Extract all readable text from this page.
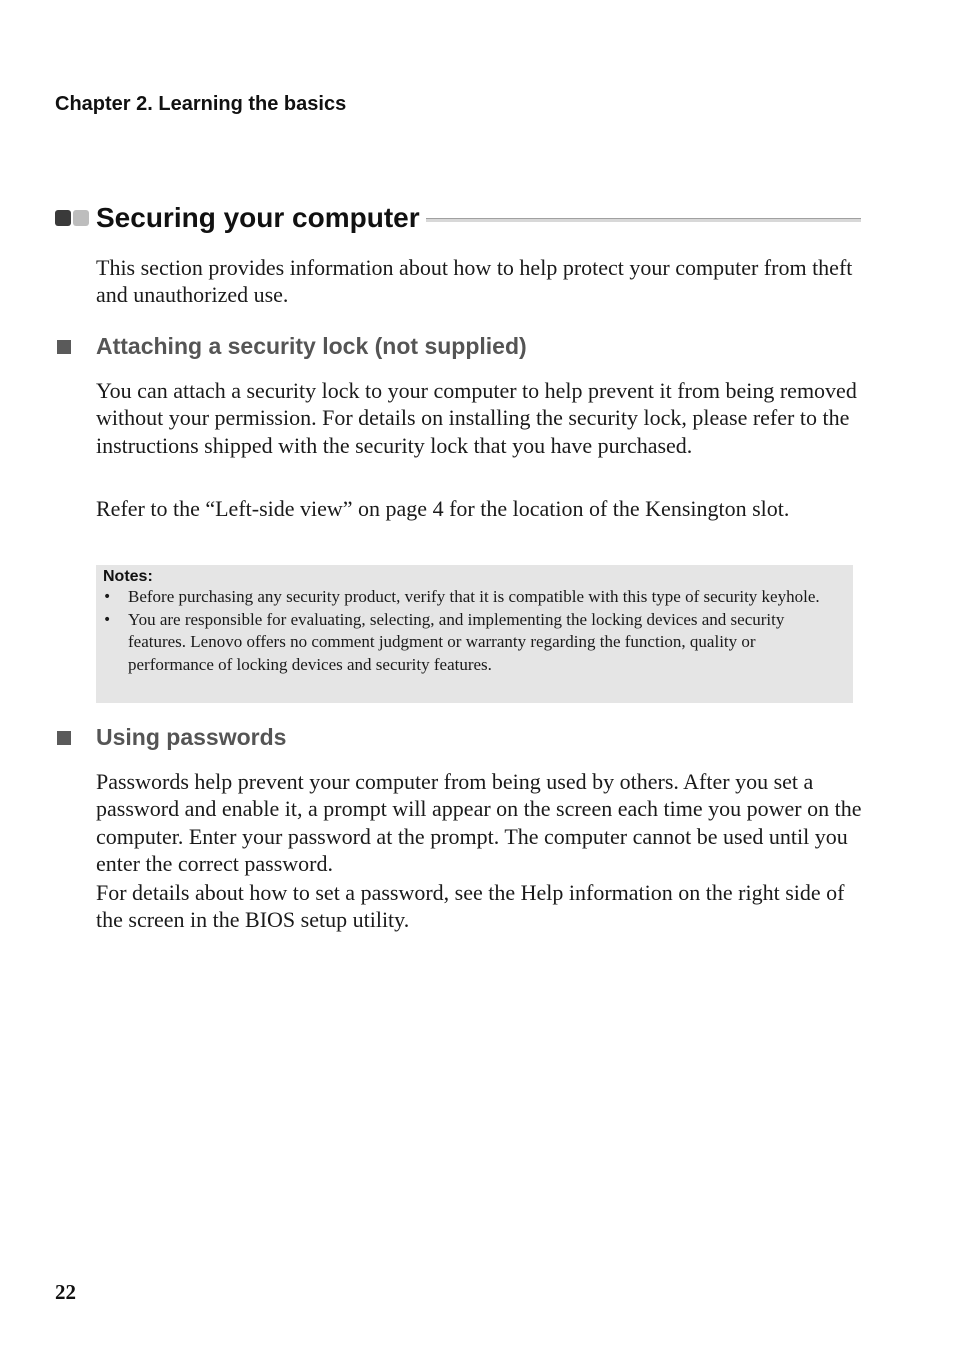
Chapter 2. Learning the basics
Securing your computer

This section provides information about how to help protect your computer from theft and unauthorized use.

Attaching a security lock (not supplied)

You can attach a security lock to your computer to help prevent it from being removed without your permission. For details on installing the security lock, please refer to the instructions shipped with the security lock that you have purchased.

Refer to the “Left-side view” on page 4 for the location of the Kensington slot.

Notes:

• Before purchasing any security product, verify that it is compatible with this type of security keyhole.
• You are responsible for evaluating, selecting, and implementing the locking devices and security features. Lenovo offers no comment judgment or warranty regarding the function, quality or performance of locking devices and security features.
Using passwords

Passwords help prevent your computer from being used by others. After you set a password and enable it, a prompt will appear on the screen each time you power on the computer. Enter your password at the prompt. The computer cannot be used until you enter the correct password.

For details about how to set a password, see the Help information on the right side of the screen in the BIOS setup utility.

22
